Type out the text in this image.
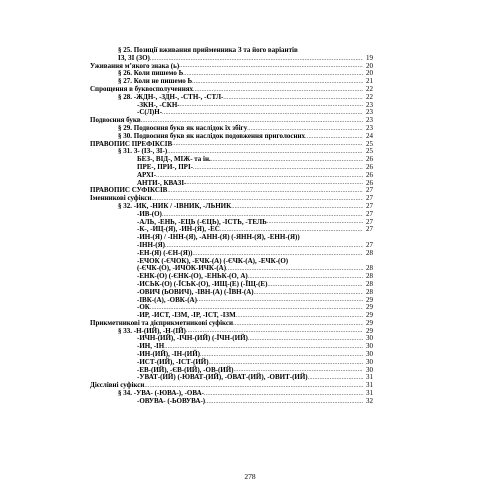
§ 25. Позиції вживання прийменника З та його варіантів
ІЗ, ЗІ (ЗО) .....	19
Уживання м’якого знака (ь) .....	20
§ 26. Коли пишемо Ь .....	20
§ 27. Коли не пишемо Ь .....	21
Спрощення в буквосполученнях .....	22
§ 28. -ЖДН-, -ЗДН-, -СТН-, -СТЛ- .....	22
-ЗКН-, -СКН- .....	23
-С(Л)Н- .....	23
Подвоєння букв .....	23
§ 29. Подвоєння букв як наслідок їх збігу .....	23
§ 30. Подвоєння букв як наслідок подовження приголосних .....	24
ПРАВОПИС ПРЕФІКСІВ .....	25
§ 31. З- (ІЗ-, ЗІ-) .....	25
БЕЗ-, ВІД-, МІЖ- та ін. .....	26
ПРЕ-, ПРИ-, ПРІ- .....	26
АРХІ- .....	26
АНТИ-, КВАЗІ- .....	26
ПРАВОПИС СУФІКСІВ .....	27
Іменникові суфікси .....	27
§ 32. -ИК, -НИК / -ІВНИК, -ЛЬНИК .....	27
-ИВ-(О) .....	27
-АЛЬ, -ЕНЬ, -ЕЦЬ (-ЄЦЬ), -ІСТЬ, -ТЕЛЬ .....	27
-К-, -ИЦ-(Я), -ИН-(Я), -ЕС .....	27
-ИН-(Я) / -ІНН-(Я), -АНН-(Я) (-ЯНН-(Я), -ЕНН-(Я))
-ІНН-(Я) .....	27
-ЕН-(Я) (-ЄН-(Я)) .....	28
-ЕЧОК (-ЄЧОК), -ЕЧК-(А) (-ЄЧК-(А), -ЕЧК-(О)
(-ЄЧК-(О), -ИЧОК-ИЧК-(А) .....	28
-ЕНК-(О) (-ЄНК-(О), -ЕНЬК-(О, А) .....	28
-ИСЬК-(О) (-ЇСЬК-(О), -ИЩ-(Е) (-ЇЩ-(Е) .....	28
-ОВИЧ (ЬОВИЧ), -ІВН-(А) (-ЇВН-(А) .....	28
-ІВК-(А), -ОВК-(А) .....	29
-ОК .....	29
-ИР, -ИСТ, -ІЗМ, -ІР, -ІСТ, -ІЗМ .....	29
Прикметникові та дієприкметникові суфікси .....	29
§ 33. -Н-(ИЙ), -Н-(ІЙ) .....	29
-ИЧН-(ИЙ), -ІЧН-(ИЙ) (-ЇЧН-(ИЙ) .....	30
-ИН, -ІН .....	30
-ИН-(ИЙ), -ІН-(ИЙ) .....	30
-ИСТ-(ИЙ), -ІСТ-(ИЙ) .....	30
-ЕВ-(ИЙ), -ЄВ-(ИЙ), -ОВ-(ИЙ) .....	30
-УВАТ-(ИЙ) (-ЮВАТ-(ИЙ), -ОВАТ-(ИЙ), -ОВИТ-(ИЙ) .....	31
Дієслівні суфікси .....	31
§ 34. -УВА- (-ЮВА-), -ОВА- .....	31
-ОВУВА- (-ЬОВУВА-) .....	32
278
